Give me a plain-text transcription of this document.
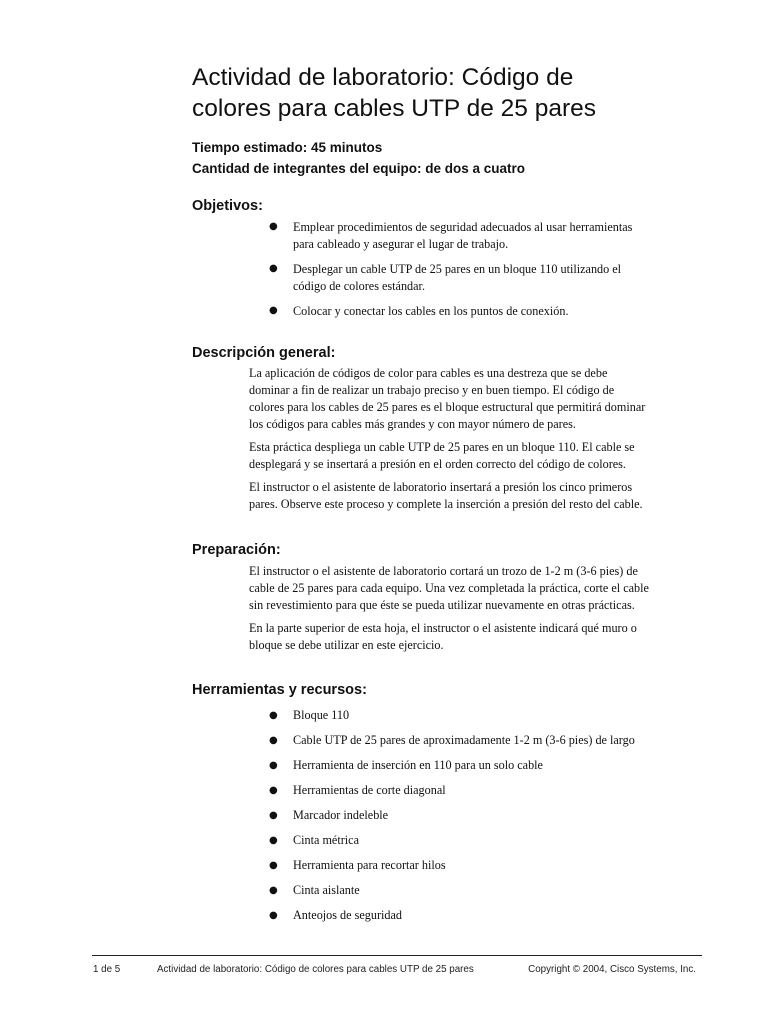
Actividad de laboratorio: Código de
colores para cables UTP de 25 pares

Tiempo estimado: 45 minutos

Cantidad de integrantes del equipo: de dos a cuatro

Objetivos:
● Emplear procedimientos de seguridad adecuados al usar herramientas
para cableado y asegurar el lugar de trabajo.
● Desplegar un cable UTP de 25 pares en un bloque 110 utilizando el
código de colores estándar.
● Colocar y conectar los cables en los puntos de conexión.
Descripción general:

La aplicación de códigos de color para cables es una destreza que se debe
dominar a fin de realizar un trabajo preciso y en buen tiempo. El código de
colores para los cables de 25 pares es el bloque estructural que permitirá dominar
los códigos para cables más grandes y con mayor número de pares.

Esta práctica despliega un cable UTP de 25 pares en un bloque 110. El cable se
desplegará y se insertará a presión en el orden correcto del código de colores.

El instructor o el asistente de laboratorio insertará a presión los cinco primeros
pares. Observe este proceso y complete la inserción a presión del resto del cable.

Preparación:

El instructor o el asistente de laboratorio cortará un trozo de 1-2 m (3-6 pies) de
cable de 25 pares para cada equipo. Una vez completada la práctica, corte el cable
sin revestimiento para que éste se pueda utilizar nuevamente en otras prácticas.

En la parte superior de esta hoja, el instructor o el asistente indicará qué muro o
bloque se debe utilizar en este ejercicio.

Herramientas y recursos:
● Bloque 110
● Cable UTP de 25 pares de aproximadamente 1-2 m (3-6 pies) de largo
● Herramienta de inserción en 110 para un solo cable
● Herramientas de corte diagonal
● Marcador indeleble
● Cinta métrica
● Herramienta para recortar hilos
● Cinta aislante
● Anteojos de seguridad
1 de 5	Actividad de laboratorio: Código de colores para cables UTP de 25 pares	Copyright © 2004, Cisco Systems, Inc.
